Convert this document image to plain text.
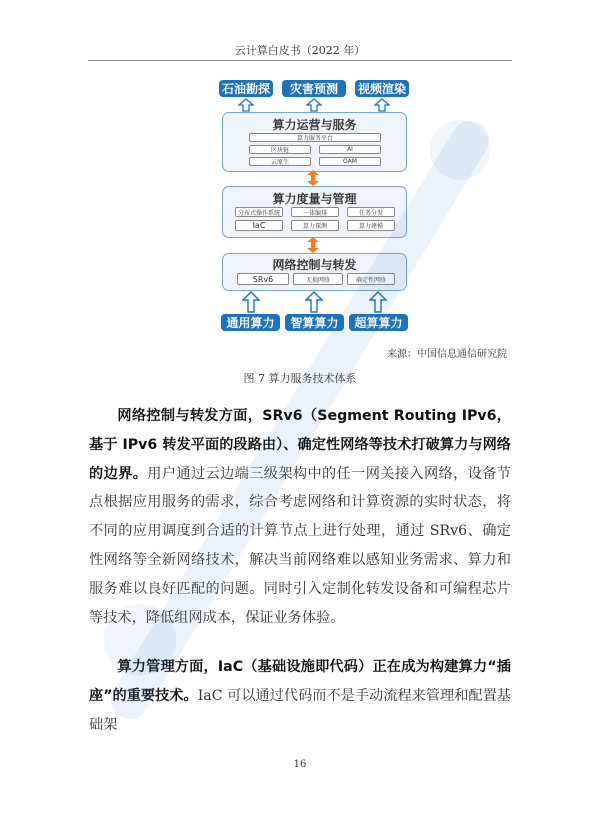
云计算白皮书（2022 年）
石油勘探	灾害预测	视频渲染
算力运营与服务
算力服务平台
区块链	AI
云原生	OAM
算力度量与管理
分布式操作系统	一体编排	任务分发
IaC	算力探测	算力建模
网络控制与转发
SRv6	无损网络	确定性网络
通用算力	智算算力	超算算力
来源：中国信息通信研究院
图 7 算力服务技术体系

网络控制与转发方面，SRv6（Segment Routing IPv6，基于 IPv6 转发平面的段路由）、确定性网络等技术打破算力与网络的边界。用户通过云边端三级架构中的任一网关接入网络，设备节点根据应用服务的需求，综合考虑网络和计算资源的实时状态，将不同的应用调度到合适的计算节点上进行处理，通过 SRv6、确定性网络等全新网络技术，解决当前网络难以感知业务需求、算力和服务难以良好匹配的问题。同时引入定制化转发设备和可编程芯片等技术，降低组网成本，保证业务体验。

算力管理方面，IaC（基础设施即代码）正在成为构建算力“插座”的重要技术。IaC 可以通过代码而不是手动流程来管理和配置基础架

16
